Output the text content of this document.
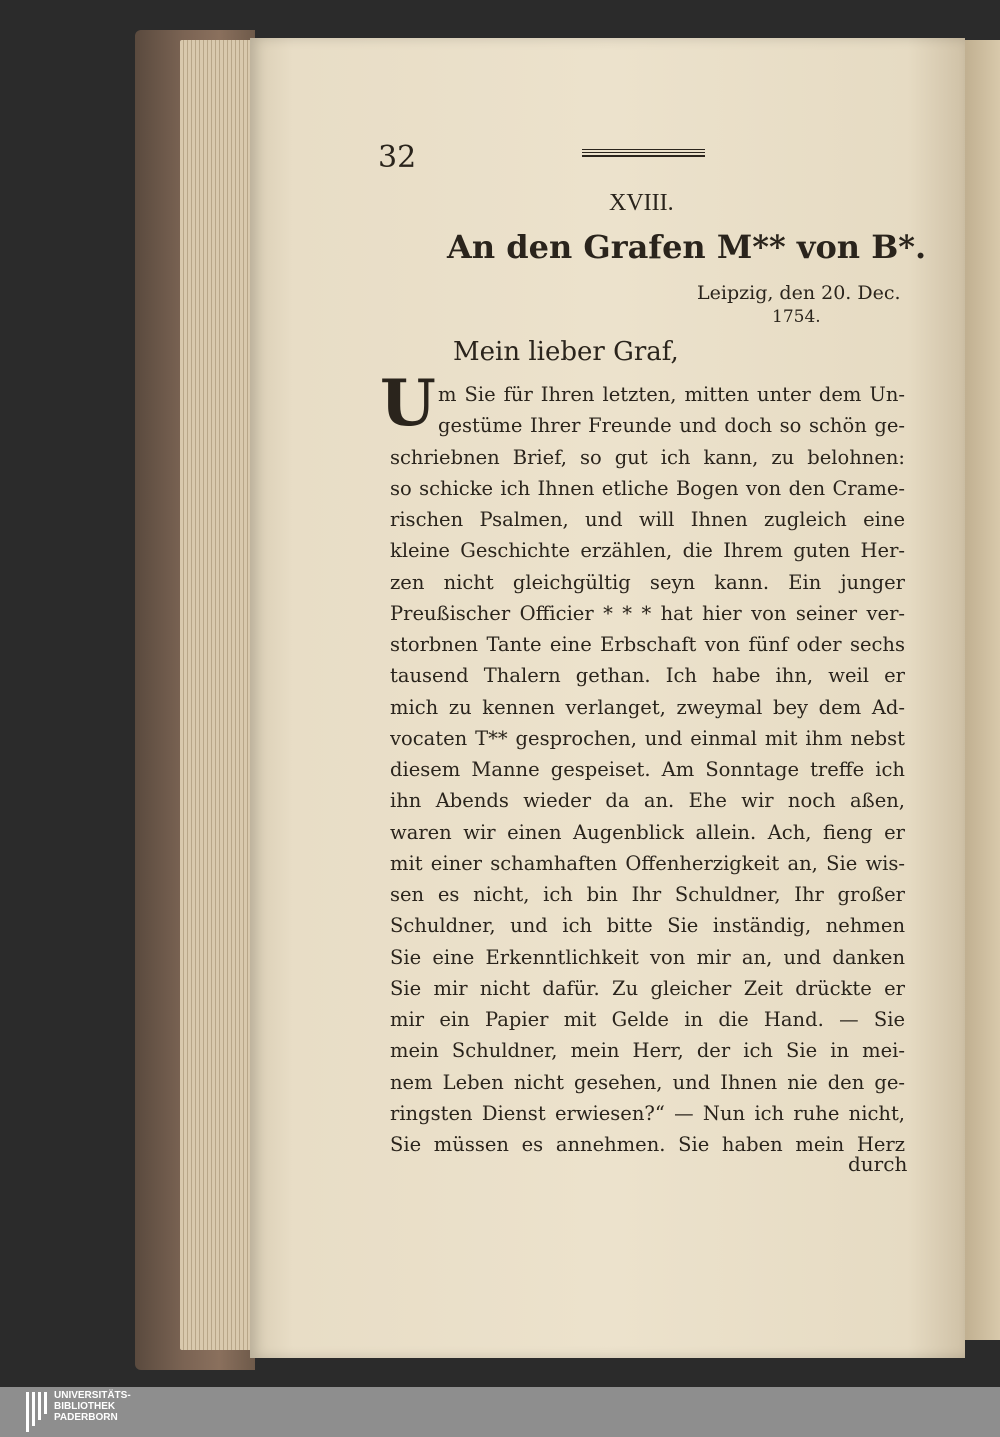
32
XVIII.
An den Grafen M** von B*.
Leipzig, den 20. Dec.
1754.
Mein lieber Graf,
U m Sie für Ihren letzten, mitten unter dem Un-
gestüme Ihrer Freunde und doch so schön ge-
schriebnen Brief, so gut ich kann, zu belohnen:
so schicke ich Ihnen etliche Bogen von den Crame-
rischen Psalmen, und will Ihnen zugleich eine
kleine Geschichte erzählen, die Ihrem guten Her-
zen nicht gleichgültig seyn kann. Ein junger
Preußischer Officier * * * hat hier von seiner ver-
storbnen Tante eine Erbschaft von fünf oder sechs
tausend Thalern gethan. Ich habe ihn, weil er
mich zu kennen verlanget, zweymal bey dem Ad-
vocaten T** gesprochen, und einmal mit ihm nebst
diesem Manne gespeiset. Am Sonntage treffe ich
ihn Abends wieder da an. Ehe wir noch aßen,
waren wir einen Augenblick allein. Ach, fieng er
mit einer schamhaften Offenherzigkeit an, Sie wis-
sen es nicht, ich bin Ihr Schuldner, Ihr großer
Schuldner, und ich bitte Sie inständig, nehmen
Sie eine Erkenntlichkeit von mir an, und danken
Sie mir nicht dafür. Zu gleicher Zeit drückte er
mir ein Papier mit Gelde in die Hand. — Sie
mein Schuldner, mein Herr, der ich Sie in mei-
nem Leben nicht gesehen, und Ihnen nie den ge-
ringsten Dienst erwiesen?“ — Nun ich ruhe nicht,
Sie müssen es annehmen. Sie haben mein Herz
durch
UNIVERSITÄTS-
BIBLIOTHEK
PADERBORN
